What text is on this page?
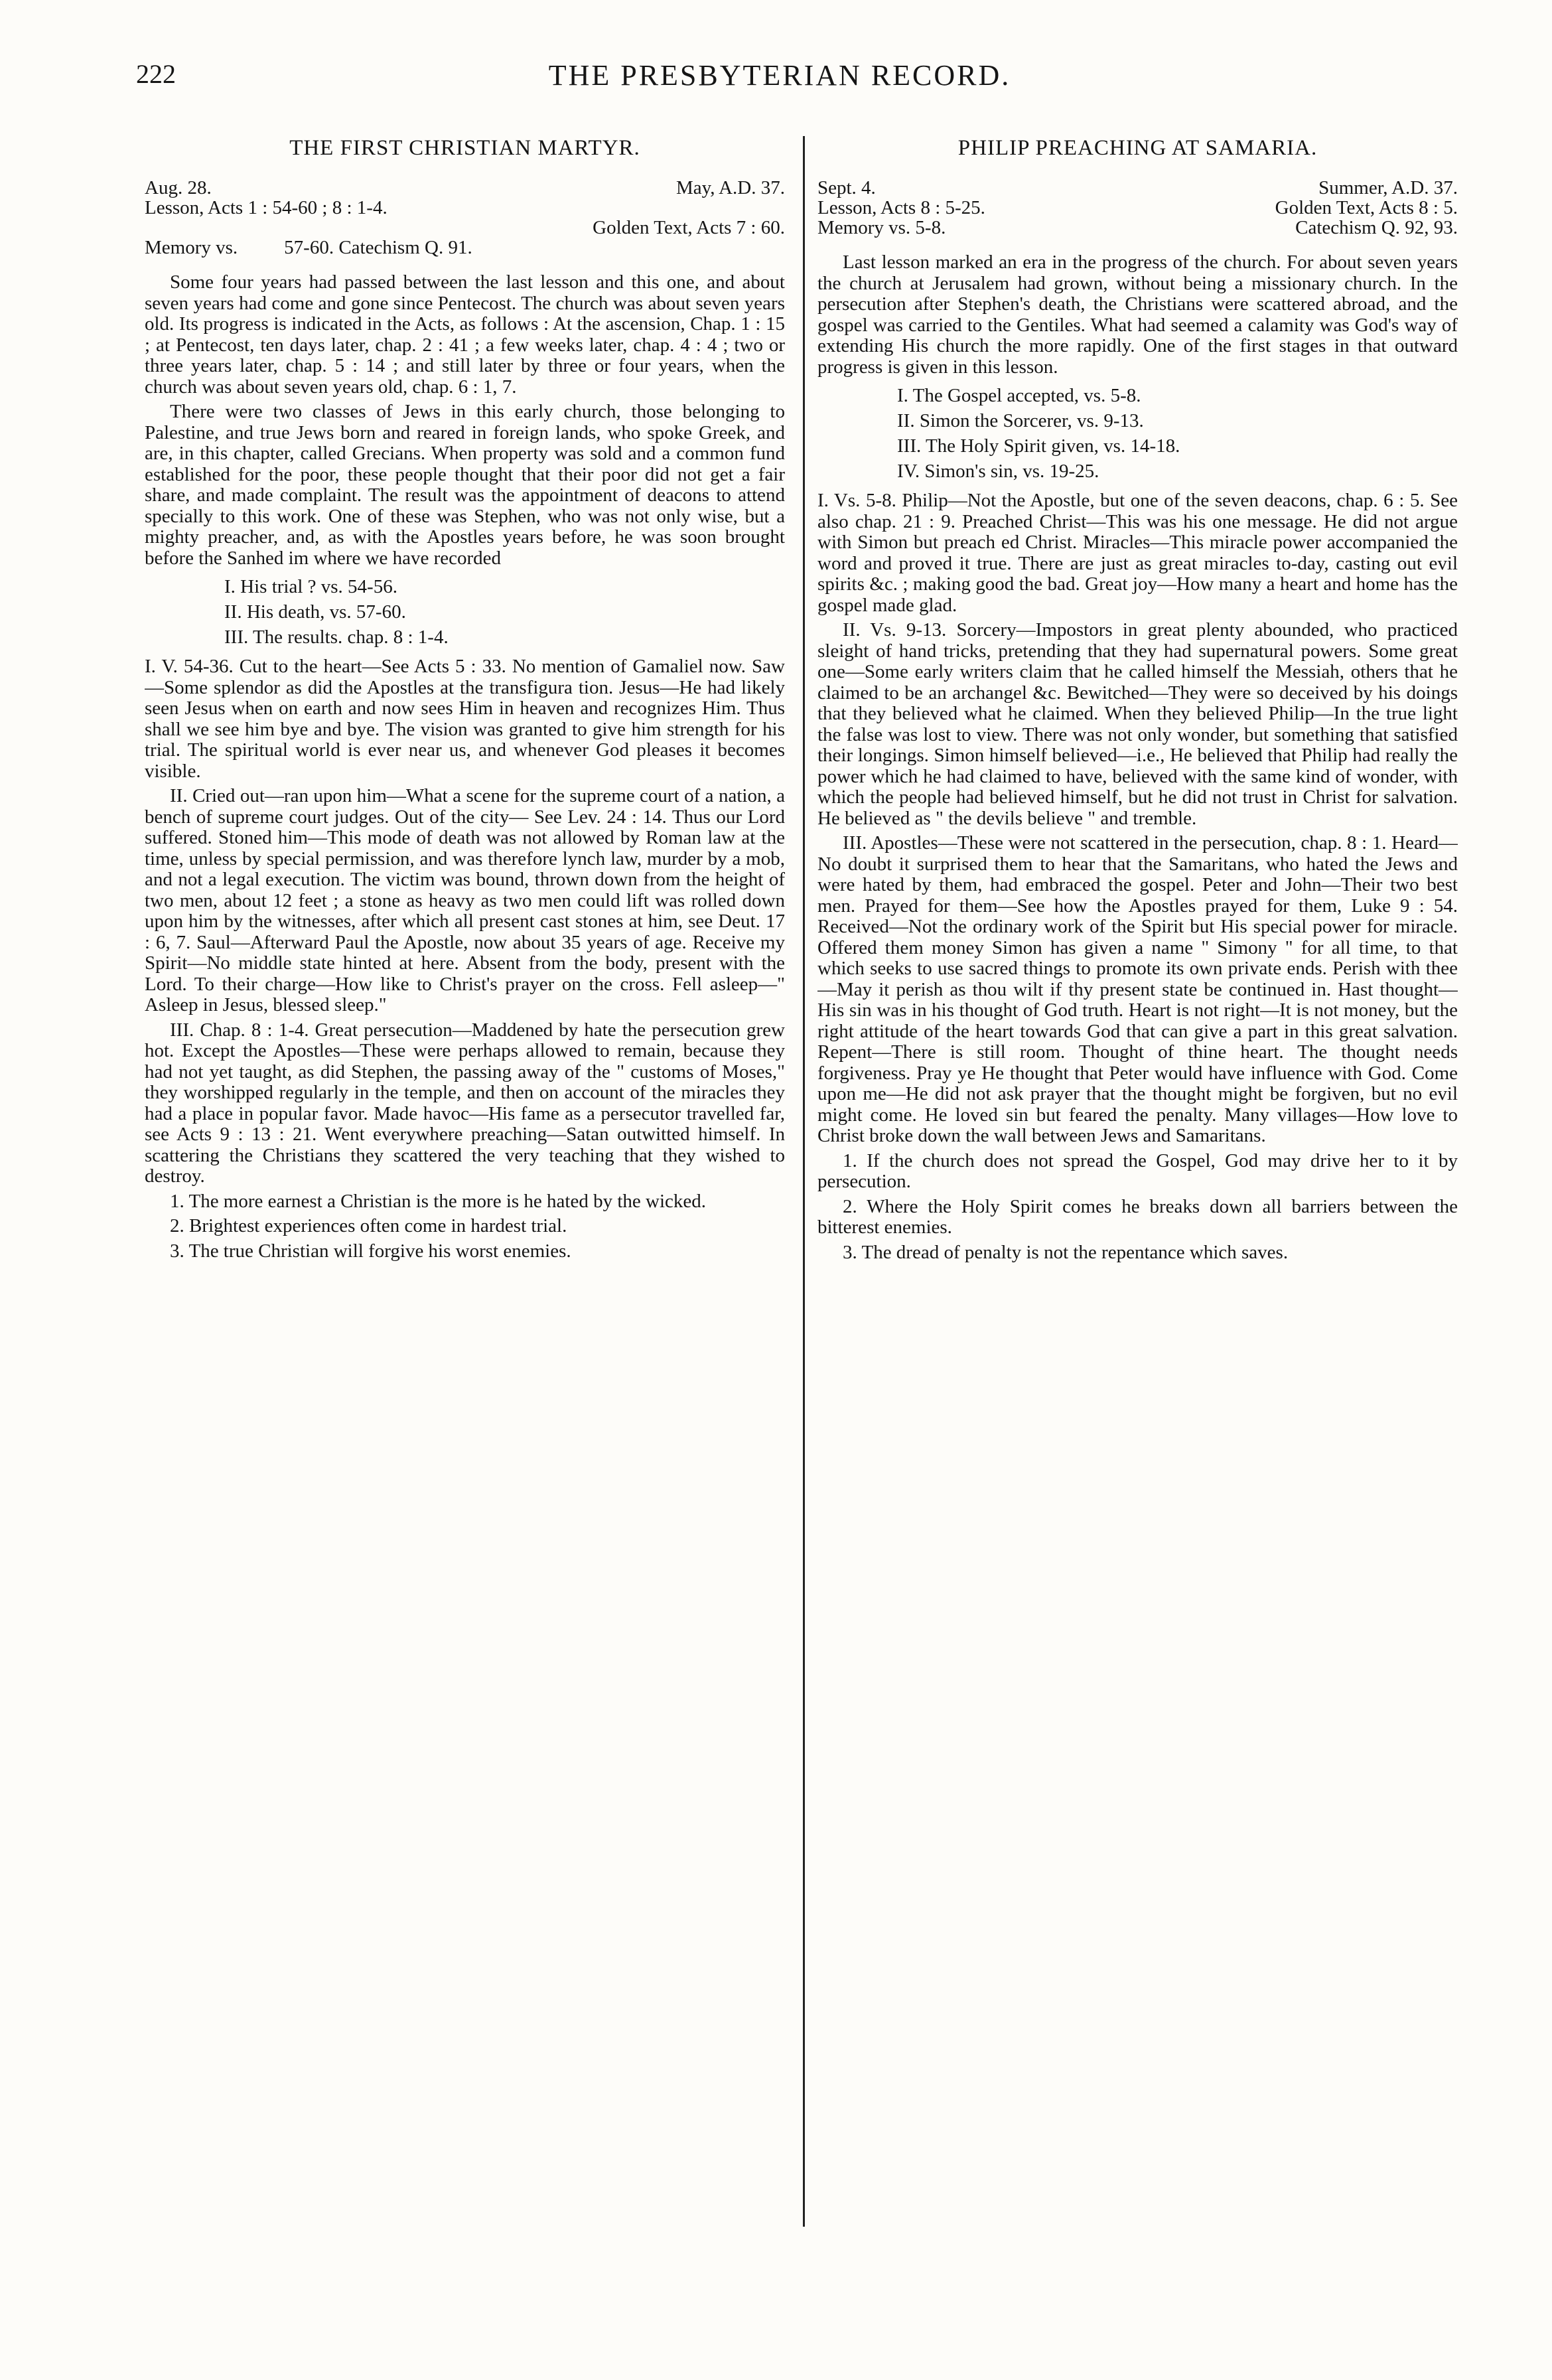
222	THE PRESBYTERIAN RECORD.
THE FIRST CHRISTIAN MARTYR.
Aug. 28.	May, A.D. 37.
Lesson, Acts 1 : 54-60 ; 8 : 1-4.
Golden Text, Acts 7 : 60.
Memory vs. 57-60. Catechism Q. 91.

Some four years had passed between the last lesson and this one, and about seven years had come and gone since Pentecost. The church was about seven years old. Its progress is indicated in the Acts, as follows : At the ascension, Chap. 1 : 15 ; at Pentecost, ten days later, chap. 2 : 41 ; a few weeks later, chap. 4 : 4 ; two or three years later, chap. 5 : 14 ; and still later by three or four years, when the church was about seven years old, chap. 6 : 1, 7.

There were two classes of Jews in this early church, those belonging to Palestine, and true Jews born and reared in foreign lands, who spoke Greek, and are, in this chapter, called Grecians. When property was sold and a common fund established for the poor, these people thought that their poor did not get a fair share, and made complaint. The result was the appointment of deacons to attend specially to this work. One of these was Stephen, who was not only wise, but a mighty preacher, and, as with the Apostles years before, he was soon brought before the Sanhed im where we have recorded

I. His trial ? vs. 54-56.
II. His death, vs. 57-60.
III. The results. chap. 8 : 1-4.

I. V. 54-36. Cut to the heart—See Acts 5 : 33. No mention of Gamaliel now. Saw—Some splendor as did the Apostles at the transfigura tion. Jesus—He had likely seen Jesus when on earth and now sees Him in heaven and recognizes Him. Thus shall we see him bye and bye. The vision was granted to give him strength for his trial. The spiritual world is ever near us, and whenever God pleases it becomes visible.

II. Cried out—ran upon him—What a scene for the supreme court of a nation, a bench of supreme court judges. Out of the city— See Lev. 24 : 14. Thus our Lord suffered. Stoned him—This mode of death was not allowed by Roman law at the time, unless by special permission, and was therefore lynch law, murder by a mob, and not a legal execution. The victim was bound, thrown down from the height of two men, about 12 feet ; a stone as heavy as two men could lift was rolled down upon him by the witnesses, after which all present cast stones at him, see Deut. 17 : 6, 7. Saul—Afterward Paul the Apostle, now about 35 years of age. Receive my Spirit—No middle state hinted at here. Absent from the body, present with the Lord. To their charge—How like to Christ's prayer on the cross. Fell asleep—" Asleep in Jesus, blessed sleep."

III. Chap. 8 : 1-4. Great persecution—Maddened by hate the persecution grew hot. Except the Apostles—These were perhaps allowed to remain, because they had not yet taught, as did Stephen, the passing away of the " customs of Moses," they worshipped regularly in the temple, and then on account of the miracles they had a place in popular favor. Made havoc—His fame as a persecutor travelled far, see Acts 9 : 13 : 21. Went everywhere preaching—Satan outwitted himself. In scattering the Christians they scattered the very teaching that they wished to destroy.

1. The more earnest a Christian is the more is he hated by the wicked.

2. Brightest experiences often come in hardest trial.

3. The true Christian will forgive his worst enemies.

PHILIP PREACHING AT SAMARIA.
Sept. 4.	Summer, A.D. 37.
Lesson, Acts 8 : 5-25.	Golden Text, Acts 8 : 5.
Memory vs. 5-8.	Catechism Q. 92, 93.

Last lesson marked an era in the progress of the church. For about seven years the church at Jerusalem had grown, without being a missionary church. In the persecution after Stephen's death, the Christians were scattered abroad, and the gospel was carried to the Gentiles. What had seemed a calamity was God's way of extending His church the more rapidly. One of the first stages in that outward progress is given in this lesson.

I. The Gospel accepted, vs. 5-8.
II. Simon the Sorcerer, vs. 9-13.
III. The Holy Spirit given, vs. 14-18.
IV. Simon's sin, vs. 19-25.

I. Vs. 5-8. Philip—Not the Apostle, but one of the seven deacons, chap. 6 : 5. See also chap. 21 : 9. Preached Christ—This was his one message. He did not argue with Simon but preach ed Christ. Miracles—This miracle power accompanied the word and proved it true. There are just as great miracles to-day, casting out evil spirits &c. ; making good the bad. Great joy—How many a heart and home has the gospel made glad.

II. Vs. 9-13. Sorcery—Impostors in great plenty abounded, who practiced sleight of hand tricks, pretending that they had supernatural powers. Some great one—Some early writers claim that he called himself the Messiah, others that he claimed to be an archangel &c. Bewitched—They were so deceived by his doings that they believed what he claimed. When they believed Philip—In the true light the false was lost to view. There was not only wonder, but something that satisfied their longings. Simon himself believed—i.e., He believed that Philip had really the power which he had claimed to have, believed with the same kind of wonder, with which the people had believed himself, but he did not trust in Christ for salvation. He believed as " the devils believe " and tremble.

III. Apostles—These were not scattered in the persecution, chap. 8 : 1. Heard—No doubt it surprised them to hear that the Samaritans, who hated the Jews and were hated by them, had embraced the gospel. Peter and John—Their two best men. Prayed for them—See how the Apostles prayed for them, Luke 9 : 54. Received—Not the ordinary work of the Spirit but His special power for miracle. Offered them money Simon has given a name " Simony " for all time, to that which seeks to use sacred things to promote its own private ends. Perish with thee—May it perish as thou wilt if thy present state be continued in. Hast thought—His sin was in his thought of God truth. Heart is not right—It is not money, but the right attitude of the heart towards God that can give a part in this great salvation. Repent—There is still room. Thought of thine heart. The thought needs forgiveness. Pray ye He thought that Peter would have influence with God. Come upon me—He did not ask prayer that the thought might be forgiven, but no evil might come. He loved sin but feared the penalty. Many villages—How love to Christ broke down the wall between Jews and Samaritans.

1. If the church does not spread the Gospel, God may drive her to it by persecution.

2. Where the Holy Spirit comes he breaks down all barriers between the bitterest enemies.

3. The dread of penalty is not the repentance which saves.
